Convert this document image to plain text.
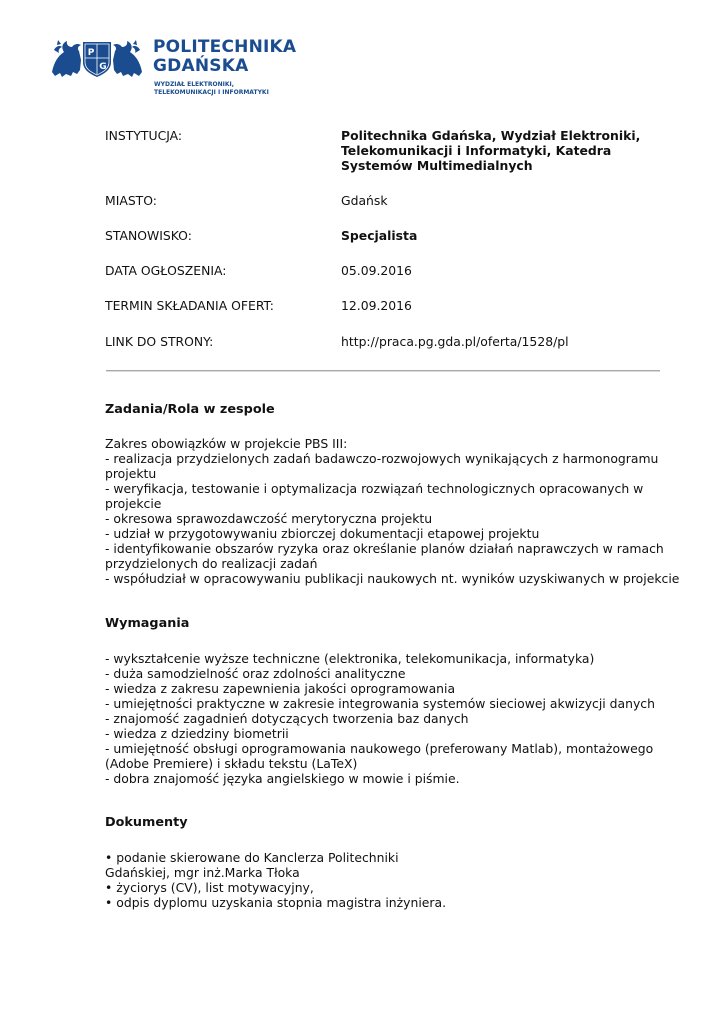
P
G
POLITECHNIKA
GDAŃSKA
WYDZIAŁ ELEKTRONIKI,
TELEKOMUNIKACJI I INFORMATYKI
INSTYTUCJA:	Politechnika Gdańska, Wydział Elektroniki,
Telekomunikacji i Informatyki, Katedra
Systemów Multimedialnych
MIASTO:	Gdańsk
STANOWISKO:	Specjalista
DATA OGŁOSZENIA:	05.09.2016
TERMIN SKŁADANIA OFERT:	12.09.2016
LINK DO STRONY:	http://praca.pg.gda.pl/oferta/1528/pl
Zadania/Rola w zespole
Zakres obowiązków w projekcie PBS III:
- realizacja przydzielonych zadań badawczo-rozwojowych wynikających z harmonogramu
projektu
- weryfikacja, testowanie i optymalizacja rozwiązań technologicznych opracowanych w
projekcie
- okresowa sprawozdawczość merytoryczna projektu
- udział w przygotowywaniu zbiorczej dokumentacji etapowej projektu
- identyfikowanie obszarów ryzyka oraz określanie planów działań naprawczych w ramach
przydzielonych do realizacji zadań
- współudział w opracowywaniu publikacji naukowych nt. wyników uzyskiwanych w projekcie
Wymagania
- wykształcenie wyższe techniczne (elektronika, telekomunikacja, informatyka)
- duża samodzielność oraz zdolności analityczne
- wiedza z zakresu zapewnienia jakości oprogramowania
- umiejętności praktyczne w zakresie integrowania systemów sieciowej akwizycji danych
- znajomość zagadnień dotyczących tworzenia baz danych
- wiedza z dziedziny biometrii
- umiejętność obsługi oprogramowania naukowego (preferowany Matlab), montażowego
(Adobe Premiere) i składu tekstu (LaTeX)
- dobra znajomość języka angielskiego w mowie i piśmie.
Dokumenty
• podanie skierowane do Kanclerza Politechniki
Gdańskiej, mgr inż.Marka Tłoka
• życiorys (CV), list motywacyjny,
• odpis dyplomu uzyskania stopnia magistra inżyniera.
